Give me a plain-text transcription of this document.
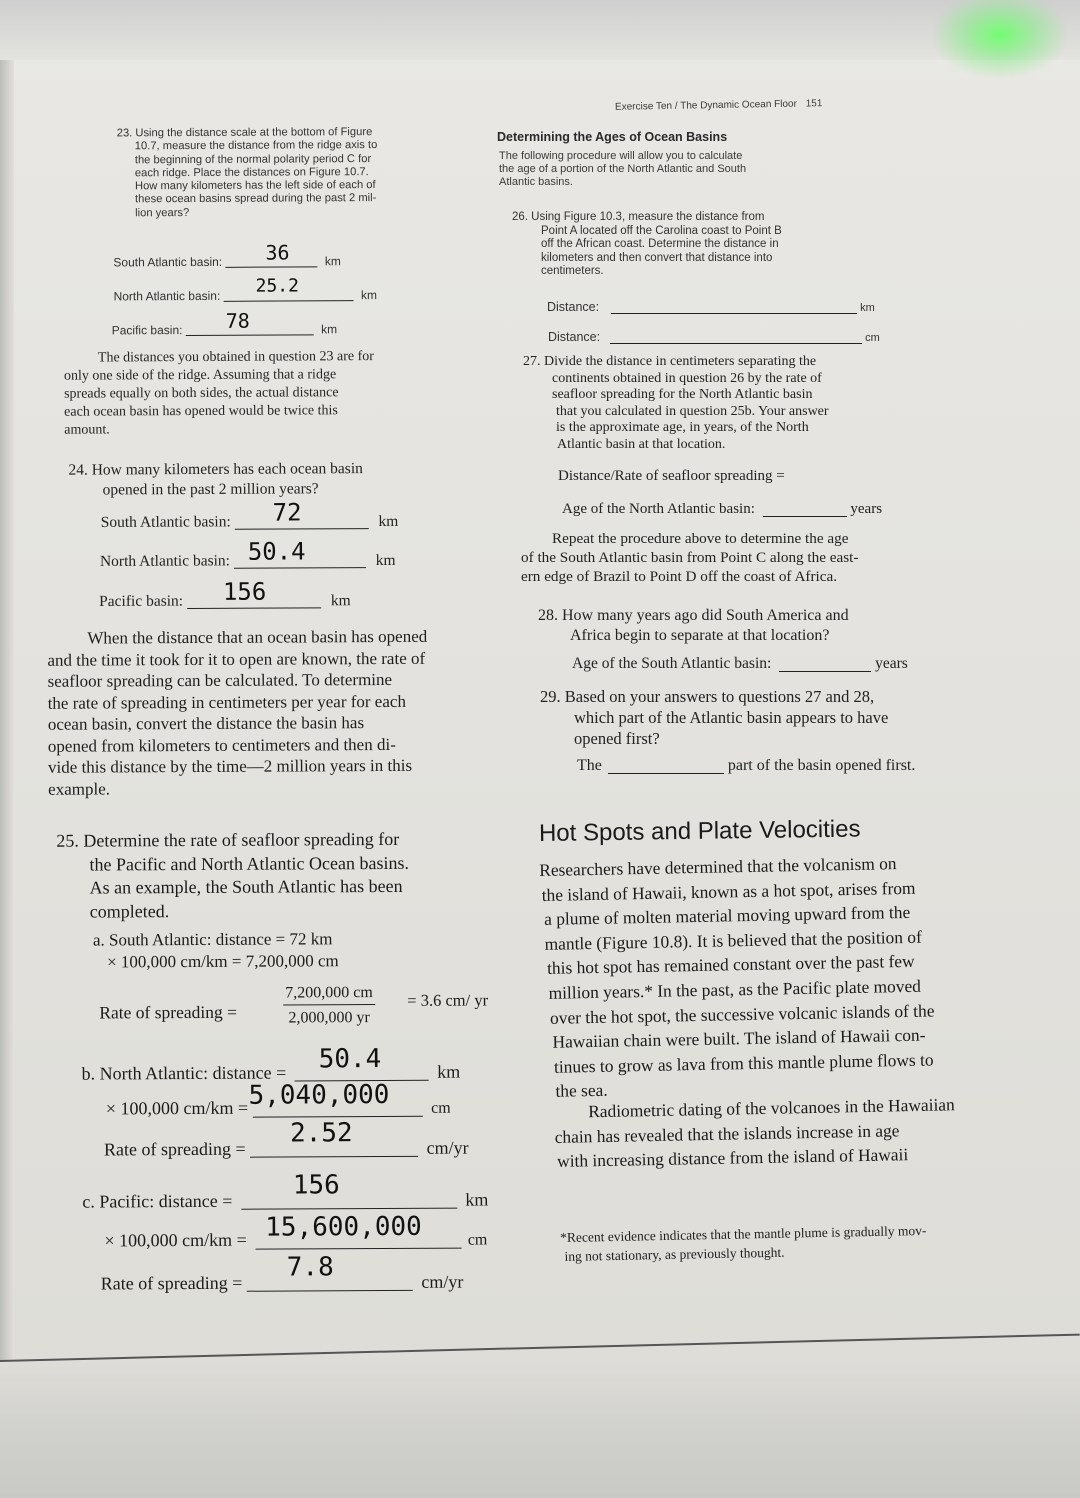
Exercise Ten / The Dynamic Ocean Floor 151
23. Using the distance scale at the bottom of Figure
10.7, measure the distance from the ridge axis to
the beginning of the normal polarity period C for
each ridge. Place the distances on Figure 10.7.
How many kilometers has the left side of each of
these ocean basins spread during the past 2 mil-
lion years?
South Atlantic basin: 36	km
North Atlantic basin: 25.2	km
Pacific basin: 78	km
The distances you obtained in question 23 are for
only one side of the ridge. Assuming that a ridge
spreads equally on both sides, the actual distance
each ocean basin has opened would be twice this
amount.
24. How many kilometers has each ocean basin
opened in the past 2 million years?
South Atlantic basin: 72	km
North Atlantic basin: 50.4	km
Pacific basin: 156	km
When the distance that an ocean basin has opened
and the time it took for it to open are known, the rate of
seafloor spreading can be calculated. To determine
the rate of spreading in centimeters per year for each
ocean basin, convert the distance the basin has
opened from kilometers to centimeters and then di-
vide this distance by the time—2 million years in this
example.
25. Determine the rate of seafloor spreading for
the Pacific and North Atlantic Ocean basins.
As an example, the South Atlantic has been
completed.
a. South Atlantic: distance = 72 km
× 100,000 cm/km = 7,200,000 cm
Rate of spreading =	$\frac{7,200,000 cm}{2,000,000 yr} = 3.6$ cm/ yr
b. North Atlantic: distance = 50.4	km
× 100,000 cm/km = 5,040,000	cm
Rate of spreading =
2.52	cm/yr
c. Pacific: distance =
156	km
× 100,000 cm/km = 15,600,000	cm
Rate of spreading =
7.8	cm/yr
Determining the Ages of Ocean Basins
The following procedure will allow you to calculate
the age of a portion of the North Atlantic and South
Atlantic basins.
26. Using Figure 10.3, measure the distance from
Point A located off the Carolina coast to Point B
off the African coast. Determine the distance in
kilometers and then convert that distance into
centimeters.
Distance:	km
Distance:	cm
27. Divide the distance in centimeters separating the
continents obtained in question 26 by the rate of
seafloor spreading for the North Atlantic basin
that you calculated in question 25b. Your answer
is the approximate age, in years, of the North
Atlantic basin at that location.
Distance/Rate of seafloor spreading =
Age of the North Atlantic basin:	years
Repeat the procedure above to determine the age
of the South Atlantic basin from Point C along the east-
ern edge of Brazil to Point D off the coast of Africa.
28. How many years ago did South America and
Africa begin to separate at that location?
Age of the South Atlantic basin:	years
29. Based on your answers to questions 27 and 28,
which part of the Atlantic basin appears to have
opened first?
The	part of the basin opened first.
Hot Spots and Plate Velocities
Researchers have determined that the volcanism on
the island of Hawaii, known as a hot spot, arises from
a plume of molten material moving upward from the
mantle (Figure 10.8). It is believed that the position of
this hot spot has remained constant over the past few
million years.* In the past, as the Pacific plate moved
over the hot spot, the successive volcanic islands of the
Hawaiian chain were built. The island of Hawaii con-
tinues to grow as lava from this mantle plume flows to
the sea.
Radiometric dating of the volcanoes in the Hawaiian
chain has revealed that the islands increase in age
with increasing distance from the island of Hawaii
*Recent evidence indicates that the mantle plume is gradually mov-
ing not stationary, as previously thought.
